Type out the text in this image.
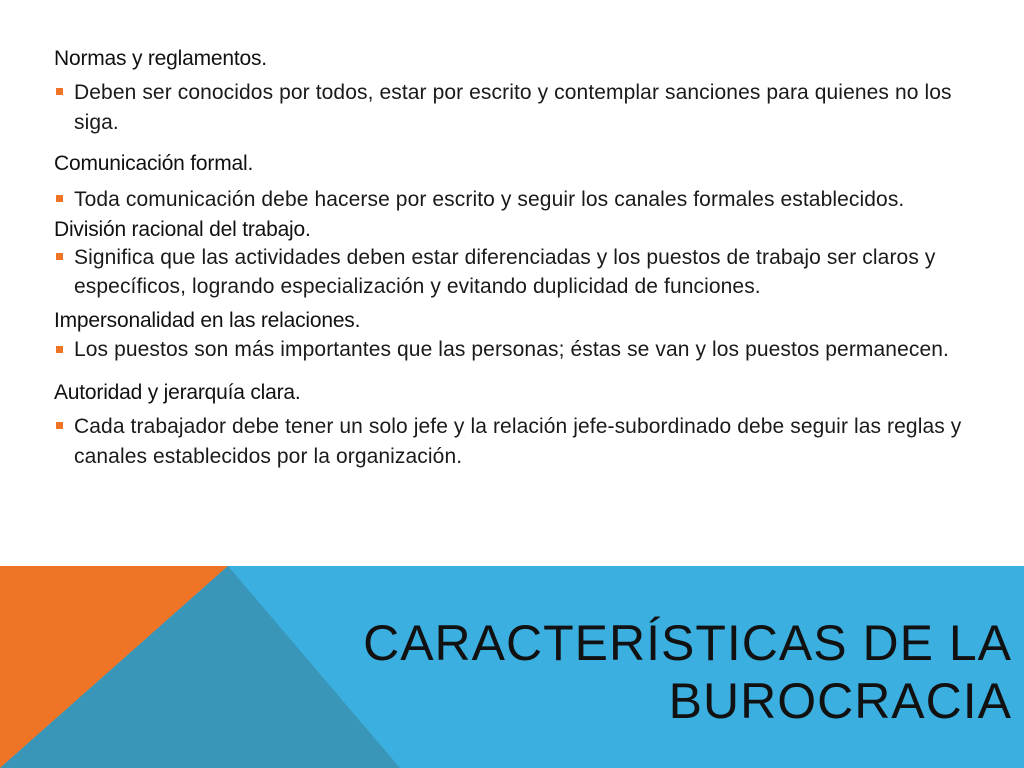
Normas y reglamentos.

Deben ser conocidos por todos, estar por escrito y contemplar sanciones para quienes no los siga.

Comunicación formal.

Toda comunicación debe hacerse por escrito y seguir los canales formales establecidos.

División racional del trabajo.

Significa que las actividades deben estar diferenciadas y los puestos de trabajo ser claros y específicos, logrando especialización y evitando duplicidad de funciones.

Impersonalidad en las relaciones.

Los puestos son más importantes que las personas; éstas se van y los puestos permanecen.

Autoridad y jerarquía clara.

Cada trabajador debe tener un solo jefe y la relación jefe-subordinado debe seguir las reglas y canales establecidos por la organización.

CARACTERÍSTICAS DE LA
BUROCRACIA
